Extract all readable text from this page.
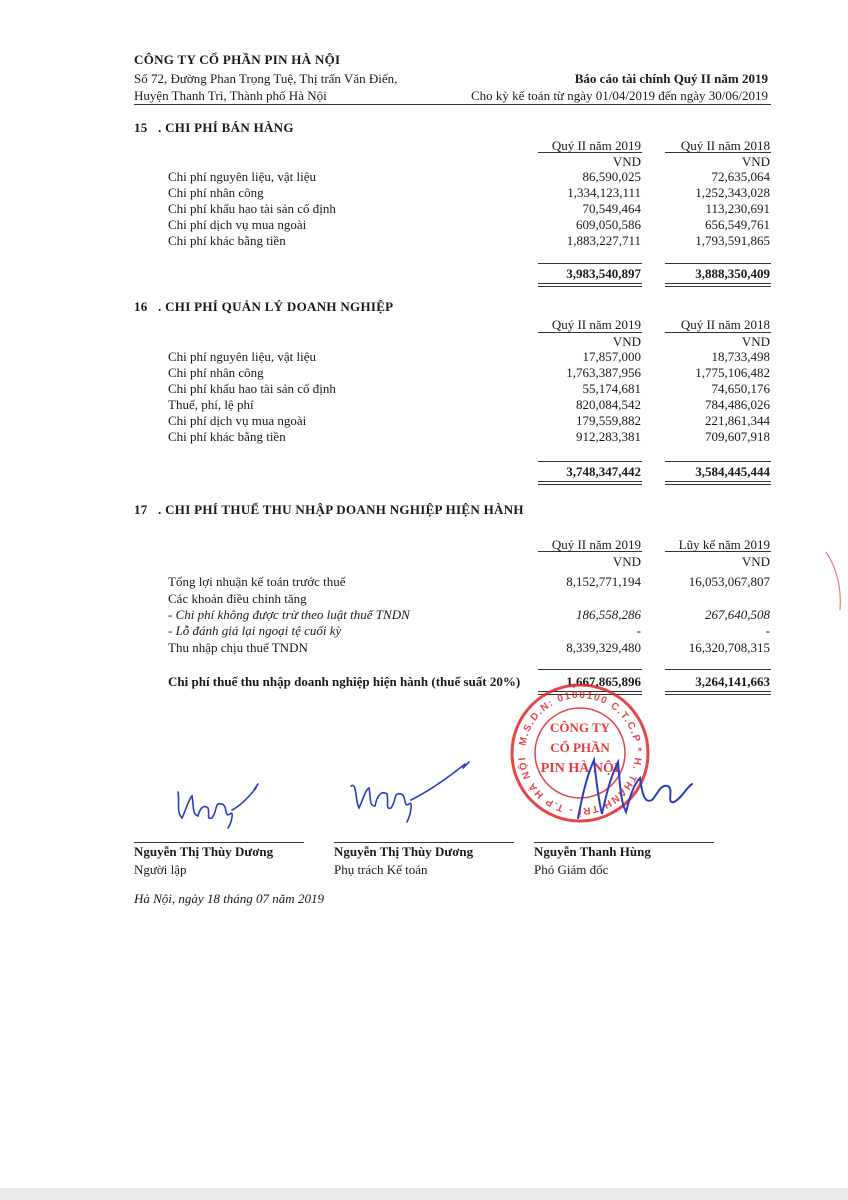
CÔNG TY CỔ PHẦN PIN HÀ NỘI
Số 72, Đường Phan Trọng Tuệ, Thị trấn Văn Điển,
Huyện Thanh Trì, Thành phố Hà Nội
Báo cáo tài chính Quý II năm 2019
Cho kỳ kế toán từ ngày 01/04/2019 đến ngày 30/06/2019
15 . CHI PHÍ BÁN HÀNG
Quý II năm 2019	Quý II năm 2018
VND	VND
Chi phí nguyên liệu, vật liệu	86,590,025	72,635,064
Chi phí nhân công	1,334,123,111	1,252,343,028
Chi phí khấu hao tài sản cố định	70,549,464	113,230,691
Chi phí dịch vụ mua ngoài	609,050,586	656,549,761
Chi phí khác bằng tiền	1,883,227,711	1,793,591,865
3,983,540,897	3,888,350,409
16 . CHI PHÍ QUẢN LÝ DOANH NGHIỆP
Quý II năm 2019	Quý II năm 2018
VND	VND
Chi phí nguyên liệu, vật liệu	17,857,000	18,733,498
Chi phí nhân công	1,763,387,956	1,775,106,482
Chi phí khấu hao tài sản cố định	55,174,681	74,650,176
Thuế, phí, lệ phí	820,084,542	784,486,026
Chi phí dịch vụ mua ngoài	179,559,882	221,861,344
Chi phí khác bằng tiền	912,283,381	709,607,918
3,748,347,442	3,584,445,444
17 . CHI PHÍ THUẾ THU NHẬP DOANH NGHIỆP HIỆN HÀNH
Quý II năm 2019	Lũy kế năm 2019
VND	VND
Tổng lợi nhuận kế toán trước thuế	8,152,771,194	16,053,067,807
Các khoản điều chỉnh tăng
- Chi phí không được trừ theo luật thuế TNDN	186,558,286	267,640,508
- Lỗ đánh giá lại ngoại tệ cuối kỳ	-	-
Thu nhập chịu thuế TNDN	8,339,329,480	16,320,708,315
Chi phí thuế thu nhập doanh nghiệp hiện hành (thuế suất 20%)	1,667,865,896	3,264,141,663
M.S.D.N: 0100100 C.T.C.P * H. THANH TRÌ - T.P HÀ NỘI
CÔNG TY
CỔ PHẦN
PIN HÀ NỘI
Nguyễn Thị Thùy Dương
Người lập
Nguyễn Thị Thùy Dương
Phụ trách Kế toán
Nguyễn Thanh Hùng
Phó Giám đốc
Hà Nội, ngày 18 tháng 07 năm 2019
